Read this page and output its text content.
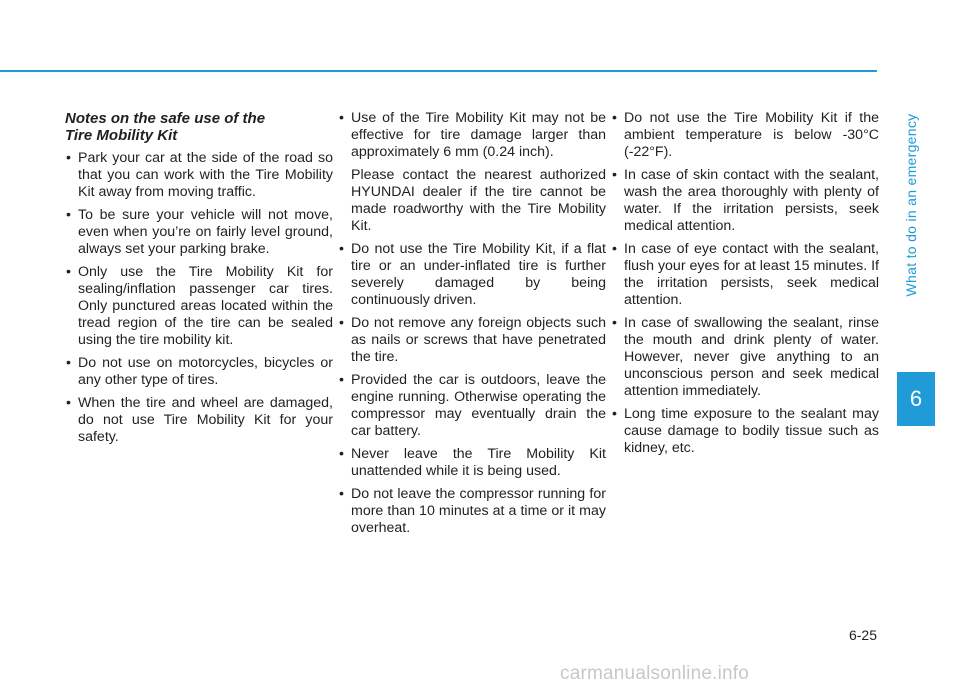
What to do in an emergency
6
Notes on the safe use of the
Tire Mobility Kit
• Park your car at the side of the road so that you can work with the Tire Mobility Kit away from moving traffic.
• To be sure your vehicle will not move, even when you’re on fairly level ground, always set your parking brake.
• Only use the Tire Mobility Kit for sealing/inflation passenger car tires. Only punctured areas located within the tread region of the tire can be sealed using the tire mobility kit.
• Do not use on motorcycles, bicycles or any other type of tires.
• When the tire and wheel are damaged, do not use Tire Mobility Kit for your safety.
• Use of the Tire Mobility Kit may not be effective for tire damage larger than approximately 6 mm (0.24 inch).
Please contact the nearest authorized HYUNDAI dealer if the tire cannot be made roadworthy with the Tire Mobility Kit.
• Do not use the Tire Mobility Kit, if a flat tire or an under-inflated tire is further severely damaged by being continuously driven.
• Do not remove any foreign objects such as nails or screws that have penetrated the tire.
• Provided the car is outdoors, leave the engine running. Otherwise operating the compressor may eventually drain the car battery.
• Never leave the Tire Mobility Kit unattended while it is being used.
• Do not leave the compressor running for more than 10 minutes at a time or it may overheat.
• Do not use the Tire Mobility Kit if the ambient temperature is below -30°C (-22°F).
• In case of skin contact with the sealant, wash the area thoroughly with plenty of water. If the irritation persists, seek medical attention.
• In case of eye contact with the sealant, flush your eyes for at least 15 minutes. If the irritation persists, seek medical attention.
• In case of swallowing the sealant, rinse the mouth and drink plenty of water. However, never give anything to an unconscious person and seek medical attention immediately.
• Long time exposure to the sealant may cause damage to bodily tissue such as kidney, etc.
6-25
carmanualsonline.info
